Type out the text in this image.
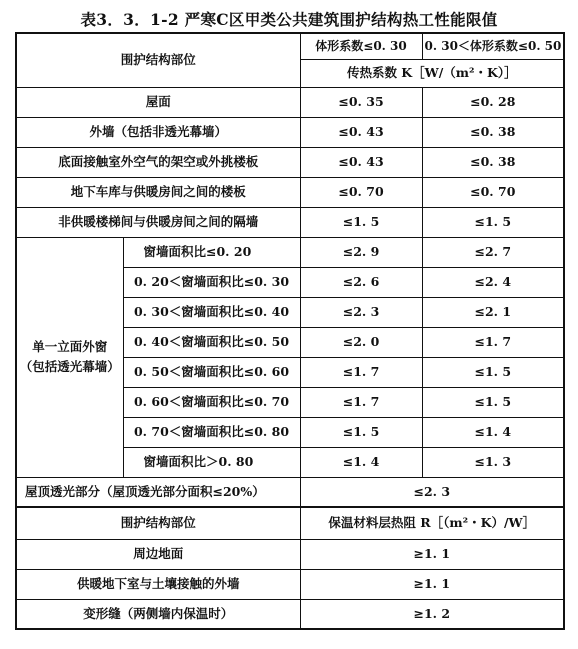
表3．3．1-2 严寒C区甲类公共建筑围护结构热工性能限值
围护结构部位		体形系数≤0. 30	0. 30＜体形系数≤0. 50
		传热系数 K［W/（m²・K）］	
屋面		≤0. 35	≤0. 28
外墙（包括非透光幕墙）		≤0. 43	≤0. 38
底面接触室外空气的架空或外挑楼板		≤0. 43	≤0. 38
地下车库与供暖房间之间的楼板		≤0. 70	≤0. 70
非供暖楼梯间与供暖房间之间的隔墙		≤1. 5	≤1. 5
单一立面外窗
（包括透光幕墙）	窗墙面积比≤0. 20	≤2. 9	≤2. 7
	0. 20＜窗墙面积比≤0. 30	≤2. 6	≤2. 4
	0. 30＜窗墙面积比≤0. 40	≤2. 3	≤2. 1
	0. 40＜窗墙面积比≤0. 50	≤2. 0	≤1. 7
	0. 50＜窗墙面积比≤0. 60	≤1. 7	≤1. 5
	0. 60＜窗墙面积比≤0. 70	≤1. 7	≤1. 5
	0. 70＜窗墙面积比≤0. 80	≤1. 5	≤1. 4
	窗墙面积比＞0. 80	≤1. 4	≤1. 3
屋顶透光部分（屋顶透光部分面积≤20%）		≤2. 3	
围护结构部位		保温材料层热阻 R［（m²・K）/W］	
周边地面		≥1. 1	
供暖地下室与土壤接触的外墙		≥1. 1	
变形缝（两侧墙内保温时）		≥1. 2	
